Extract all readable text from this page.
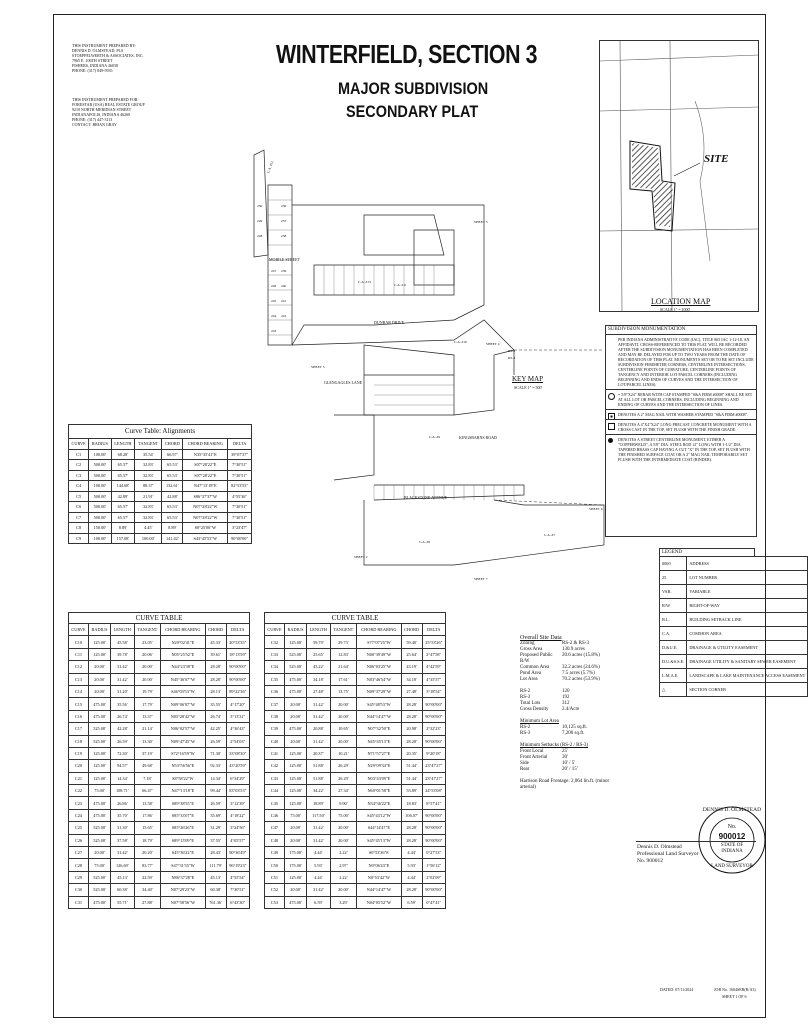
THIS INSTRUMENT PREPARED BY:
DENNIS D. OLMSTEAD, PLS
STOEPPELWERTH & ASSOCIATES, INC.
7965 E. 106TH STREET
FISHERS, INDIANA 46038
PHONE: (317) 849-5935
THIS INSTRUMENT PREPARED FOR:
FORESTAR (USA) REAL ESTATE GROUP
9210 NORTH MERIDIAN STREET
INDIANAPOLIS, INDIANA 46260
PHONE: (317) 447-3113
CONTACT: BRIAN GRAY
WINTERFIELD, SECTION 3
MAJOR SUBDIVISION
SECONDARY PLAT
SITE
LOCATION MAP
SCALE 1" = 1000'
MOBILE STREET
DUNBAR DRIVE
GLENGAGLES LANE
KINGSBARNS ROAD
BLACKSTONE AVENUE
SHEET 3
SHEET 4
SHEET 5
SHEET 2
SHEET 6
SHEET 7
RS-2
RS-3
C.A. #12
C.A. #13
C.A. #11
C.A. #16
C.A. #9
C.A. #8
C.A. #7
250	236
249	237
248	238
247 239
246 240
245 241
244 242
243
KEY MAP
SCALE 1" = 500'
Curve Table: Alignments
CURVE	RADIUS	LENGTH	TANGENT	CHORD	CHORD BEARING	DELTA
C1	100.00'	68.28'	35.54'	66.97'	N35°35'41"E	39°07'37"
C2	500.00'	65.57'	32.83'	65.53'	S07°28'22"E	7°30'51"
C3	500.00'	65.57'	32.83'	65.53'	S07°28'22"E	7°30'51"
C4	100.00'	144.68'	88.37'	132.61'	N47°13'18"E	82°53'53"
C5	500.00'	42.89'	21.91'	42.88'	S86°37'37"W	4°55'36"
C6	500.00'	65.57'	32.83'	65.53'	N07°28'22"W	7°30'51"
C7	500.00'	65.57'	32.83'	65.53'	N07°28'22"W	7°30'51"
C8	150.00'	8.89'	4.45'	8.89'	S0°25'06"W	3°23'47"
C9	100.00'	157.08'	100.00'	141.42'	S43°45'53"W	90°00'00"
CURVE TABLE
CURVE	RADIUS	LENGTH	TANGENT	CHORD BEARING	CHORD	DELTA
C10	125.00'	45.58'	23.05'	N20°02'41"E	45.33'	20°53'35"
C11	125.00'	39.78'	20.06'	N05°25'52"E	39.61'	18°13'59"
C12	20.00'	31.42'	20.00'	N44°23'38"E	28.28'	90°00'00"
C13	20.00'	31.42'	20.00'	N45°36'07"W	28.28'	90°00'00"
C14	20.00'	31.20'	19.79'	S46°03'53"W	28.13'	89°22'36"
C15	475.00'	35.56'	17.79'	N09°06'07"W	35.55'	4°17'20"
C16	475.00'	26.74'	13.37'	N05°28'42"W	26.74'	3°13'31"
C17	525.00'	42.28'	21.14'	N06°02'57"W	42.25'	4°36'43"
C18	525.00'	26.59'	13.30'	N09°47'45"W	26.59'	2°54'03"
C19	125.00'	72.30'	37.19'	S72°16'59"W	71.30'	33°08'30"
C20	125.00'	94.57'	49.68'	N53°56'56"E	92.33'	43°20'59"
C21	125.00'	14.34'	7.18'	S8°58'22"W	14.34'	6°34'29"
C22	75.00'	108.71'	66.47'	N47°13'18"E	99.44'	83°03'53"
C23	475.00'	26.86'	13.58'	S89°38'55"E	26.59'	3°12'39"
C24	475.00'	35.70'	17.86'	S85°33'07"E	35.69'	4°18'22"
C25	525.00'	31.30'	15.65'	S85°26'26"E	31.29'	3°24'56"
C26	525.00'	37.58'	18.79'	S89°15'09"E	37.55'	4°05'57"
C27	20.00'	31.42'	20.20'	S45°36'22"E	28.43'	90°36'49"
C28	75.00'	126.69'	83.77'	S47°31'35"W	111.79'	96°19'23"
C29	525.00'	45.13'	22.59'	N86°37'28"E	45.13'	4°55'54"
C30	525.00'	60.38'	34.40'	N07°29'23"W	60.38'	7°30'51"
C31	475.00'	55.71'	27.88'	N07°58'56"W	761.36'	6°43'30"
CURVE TABLE
CURVE	RADIUS	LENGTH	TANGENT	CHORD BEARING	CHORD	DELTA
C32	125.00'	59.79'	29.73'	S77°07'25"W	59.40'	25°53'26"
C33	525.00'	25.65'	12.83'	N00°39'49"W	25.64'	2°47'58"
C34	525.00'	43.22'	21.64'	N06°03'25"W	43.19'	4°42'59"
C35	475.00'	34.18'	17.61'	N03°46'54"W	34.18'	4°35'57"
C36	475.00'	27.48'	13.75'	N09°37'29"W	27.48'	3°18'54"
C37	20.00'	31.42'	20.00'	S45°48'53"W	28.28'	90°00'00"
C38	20.00'	31.42'	20.00'	N44°14'47"W	28.28'	90°00'00"
C39	475.00'	20.88'	10.65'	N07°32'50"E	20.98'	2°32'23"
C40	20.00'	31.42'	20.00'	N45°45'13"E	28.28'	90°00'00"
C41	125.00'	20.37'	10.21'	N71°57'27"E	20.35'	9°20'18"
C42	125.00'	51.88'	26.29'	N29°09'34"E	51.44'	23°47'27"
C43	125.00'	51.88'	26.29'	N03°43'09"E	51.44'	23°47'27"
C44	125.00'	34.22'	27.34'	N60°01'58"E	53.89'	24°53'08"
C45	125.00'	18.89'	9.90'	N34°36'22"E	18.83'	8°57'41"
C46	75.00'	117.50'	75.00'	S45°43'12"W	106.07'	90°00'00"
C47	20.00'	31.42'	20.00'	S44°14'47"E	28.28'	90°00'00"
C48	20.00'	31.42'	20.00'	S45°45'13"W	28.28'	90°00'00"
C49	175.00'	4.44'	2.22'	S0°53'36"E	4.44'	0°27'53"
C50	175.00'	5.93'	2.97'	N0°06'43"E	5.93'	1°56'12"
C51	125.00'	4.44'	2.22'	N0°53'42"W	4.44'	2°02'09"
C52	20.00'	31.42'	20.00'	N44°14'47"W	28.28'	90°00'00"
C53	475.00'	6.59'	3.29'	N04°05'52"W	6.59'	0°47'41"
Overall Site Data
Zoning	RS-2 & RS-3
Gross Area	130.9 acres
Proposed Public R/W
20.6 acres (15.8%)
Common Area	32.2 acres (24.6%)
Pond Area	7.5 acres (5.7%)
Lot Area	70.2 acres (53.9%)
RS-2	120
RS-3	192
Total Lots	312
Gross Density	2.4/Acre
Minimum Lot Area
RS-2	10,125 sq.ft.
RS-3	7,200 sq.ft.
Minimum Setbacks (RS-2 / RS-3)
Front Local	25'
Front Arterial	30'
Side	10' / 5'
Rear	20' / 15'
Harrison Road Frontage: 2,064 lin.ft. (minor arterial)
SUBDIVISION MONUMENTATION
PER INDIANA ADMINISTRATIVE CODE (IAC), TITLE 865 IAC 1-12-18, AN AFFIDAVIT, CROSS-REFERENCED TO THIS PLAT, WILL BE RECORDED AFTER THE SUBDIVISION MONUMENTATION HAS BEEN COMPLETED AND MAY BE DELAYED FOR UP TO TWO YEARS FROM THE DATE OF RECORDATION OF THIS PLAT. MONUMENTS SET OR TO BE SET INCLUDE SUBDIVISION PERIMETER CORNERS, CENTERLINE INTERSECTIONS, CENTERLINE POINTS OF CURVATURE, CENTERLINE POINTS OF TANGENCY AND INTERIOR LOT PARCEL CORNERS (INCLUDING BEGINNING AND ENDS OF CURVES AND THE INTERSECTION OF LOT/PARCEL LINES).
= 5/8"X24" REBAR WITH CAP STAMPED "S&A FIRM #0008" SHALL BE SET AT ALL LOT OR PARCEL CORNERS, INCLUDING BEGINNING AND ENDING OF CURVES AND THE INTERSECTION OF LINES.
DENOTES A 2" MAG NAIL WITH WASHER STAMPED "S&A FIRM #0008".
DENOTES A 4"X4"X24" LONG PRECAST CONCRETE MONUMENT WITH A CROSS CAST IN THE TOP, SET FLUSH WITH THE FINISH GRADE.
DENOTES A STREET CENTERLINE MONUMENT. EITHER A "COPPERWELD", A 5/8" DIA. STEEL ROD 12" LONG WITH 1-1/2" DIA. TAPERED BRASS CAP HAVING A CUT "X" IN THE TOP, SET FLUSH WITH THE FINISHED SURFACE COAT OR A 2" MAG NAIL TEMPORARILY SET FLUSH WITH THE INTERMEDIATE COAT (BINDER).
LEGEND
0000	ADDRESS
25	LOT NUMBER
VAR.	VARIABLE
R/W	RIGHT-OF-WAY
B.L.	BUILDING SETBACK LINE
C.A.	COMMON AREA
D.&U.E.	DRAINAGE & UTILITY EASEMENT
D.U.&S.S.E.	DRAINAGE UTILITY & SANITARY SEWER EASEMENT
L.M.A.E.	LANDSCAPE & LAKE MAINTENANCE ACCESS EASEMENT
△	SECTION CORNER
DENNIS D. OLMSTEAD
No.
900012
STATE OF
INDIANA
LAND SURVEYOR
Dennis D. Olmstead
Professional Land Surveyor
No. 900012
DATED: 07/11/2024	JOB No. 1604SER(R/A3)
SHEET 1 OF 6
